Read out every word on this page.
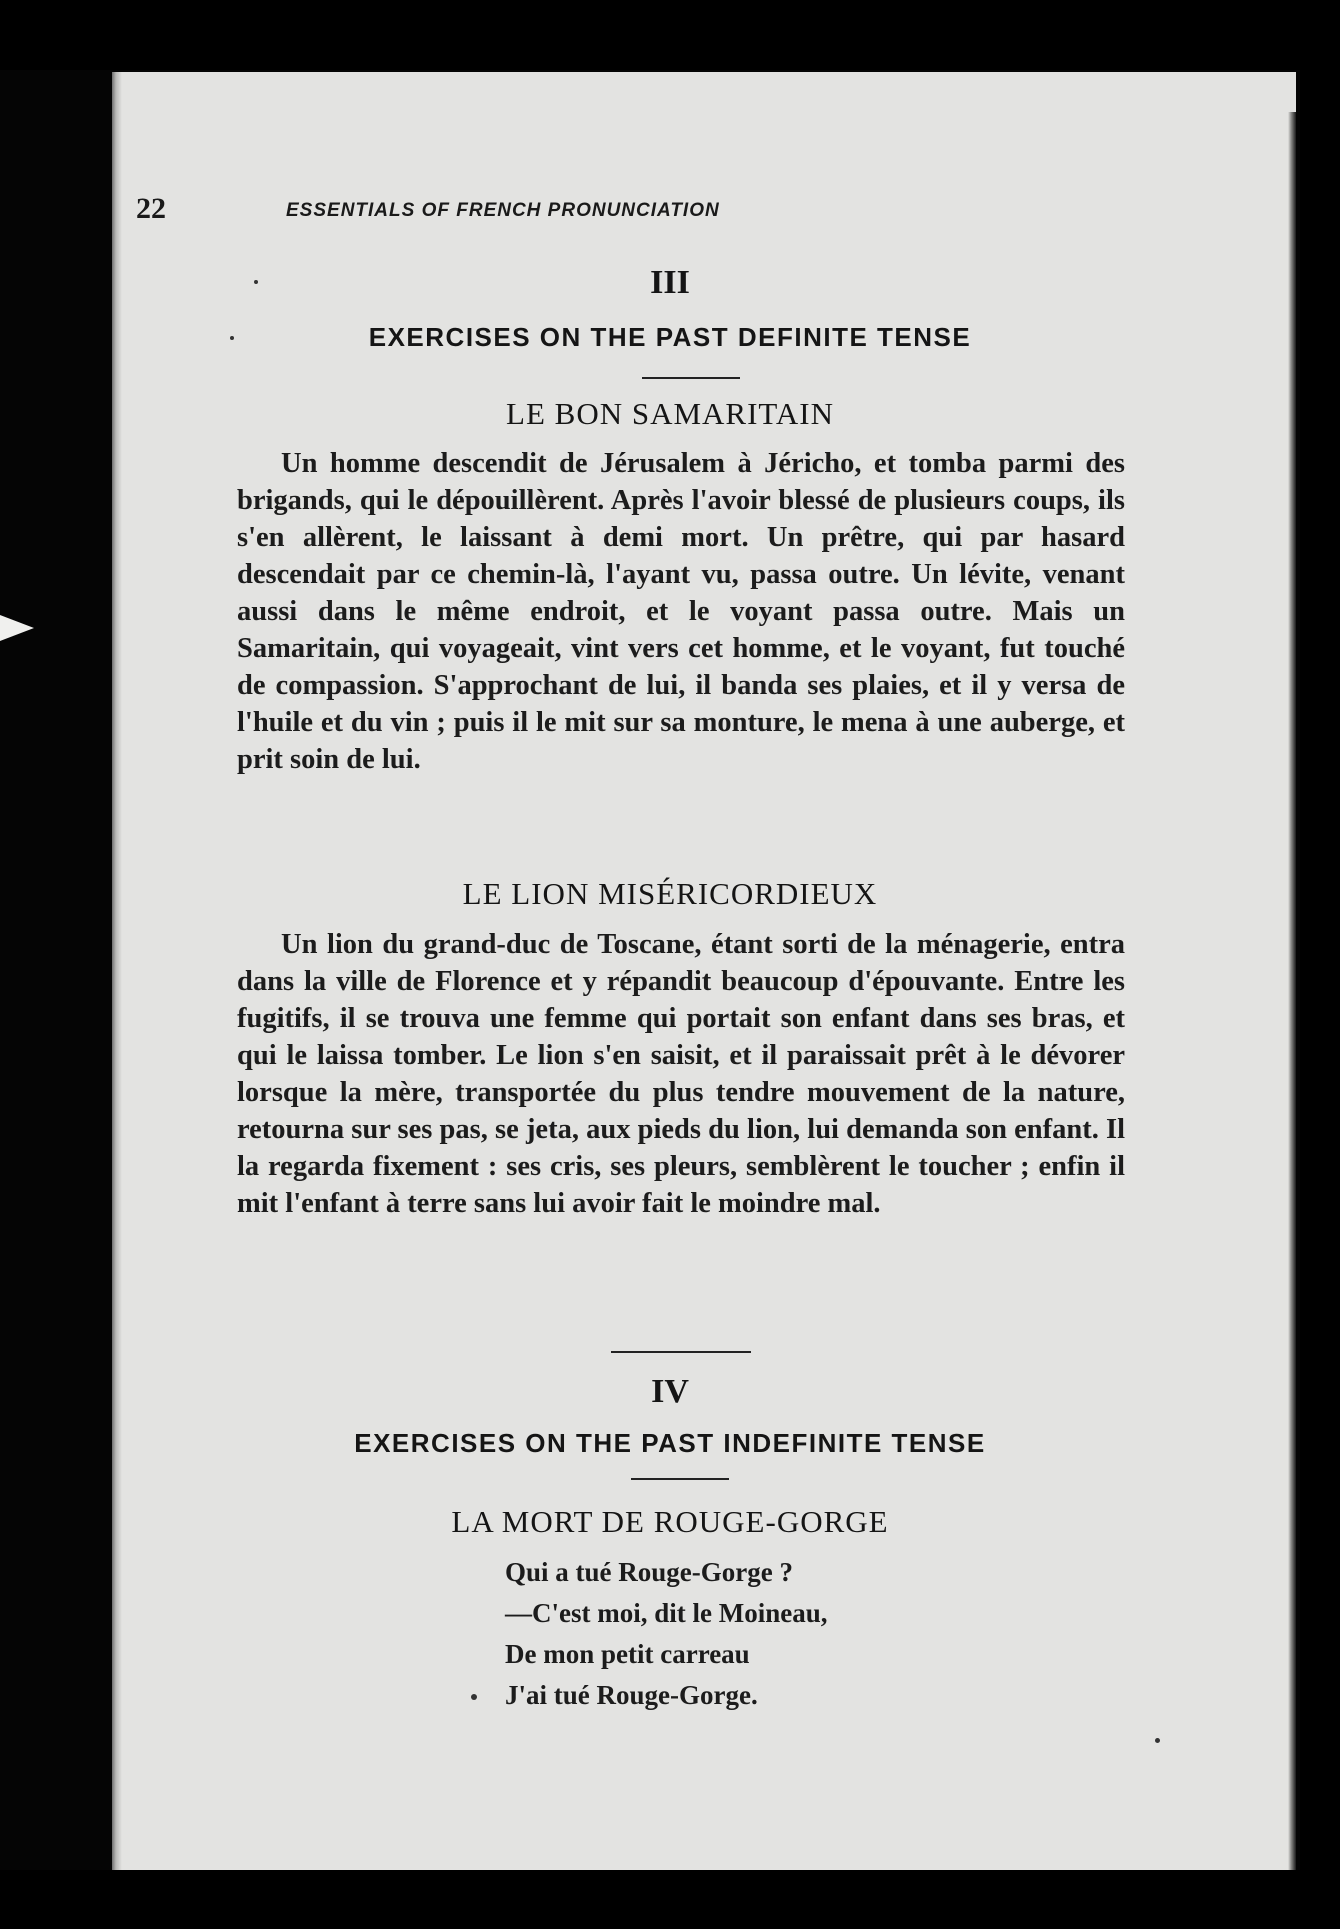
22	ESSENTIALS OF FRENCH PRONUNCIATION
III
EXERCISES ON THE PAST DEFINITE TENSE
LE BON SAMARITAIN

Un homme descendit de Jérusalem à Jéricho, et tomba parmi des brigands, qui le dépouillèrent. Après l'avoir blessé de plusieurs coups, ils s'en allèrent, le laissant à demi mort. Un prêtre, qui par hasard descendait par ce chemin-là, l'ayant vu, passa outre. Un lévite, venant aussi dans le même endroit, et le voyant passa outre. Mais un Samaritain, qui voyageait, vint vers cet homme, et le voyant, fut touché de compassion. S'approchant de lui, il banda ses plaies, et il y versa de l'huile et du vin ; puis il le mit sur sa monture, le mena à une auberge, et prit soin de lui.

LE LION MISÉRICORDIEUX

Un lion du grand-duc de Toscane, étant sorti de la ménagerie, entra dans la ville de Florence et y répandit beaucoup d'épouvante. Entre les fugitifs, il se trouva une femme qui portait son enfant dans ses bras, et qui le laissa tomber. Le lion s'en saisit, et il paraissait prêt à le dévorer lorsque la mère, transportée du plus tendre mouvement de la nature, retourna sur ses pas, se jeta, aux pieds du lion, lui demanda son enfant. Il la regarda fixement : ses cris, ses pleurs, semblèrent le toucher ; enfin il mit l'enfant à terre sans lui avoir fait le moindre mal.

IV
EXERCISES ON THE PAST INDEFINITE TENSE
LA MORT DE ROUGE-GORGE
Qui a tué Rouge-Gorge ?
—C'est moi, dit le Moineau,
De mon petit carreau
J'ai tué Rouge-Gorge.
